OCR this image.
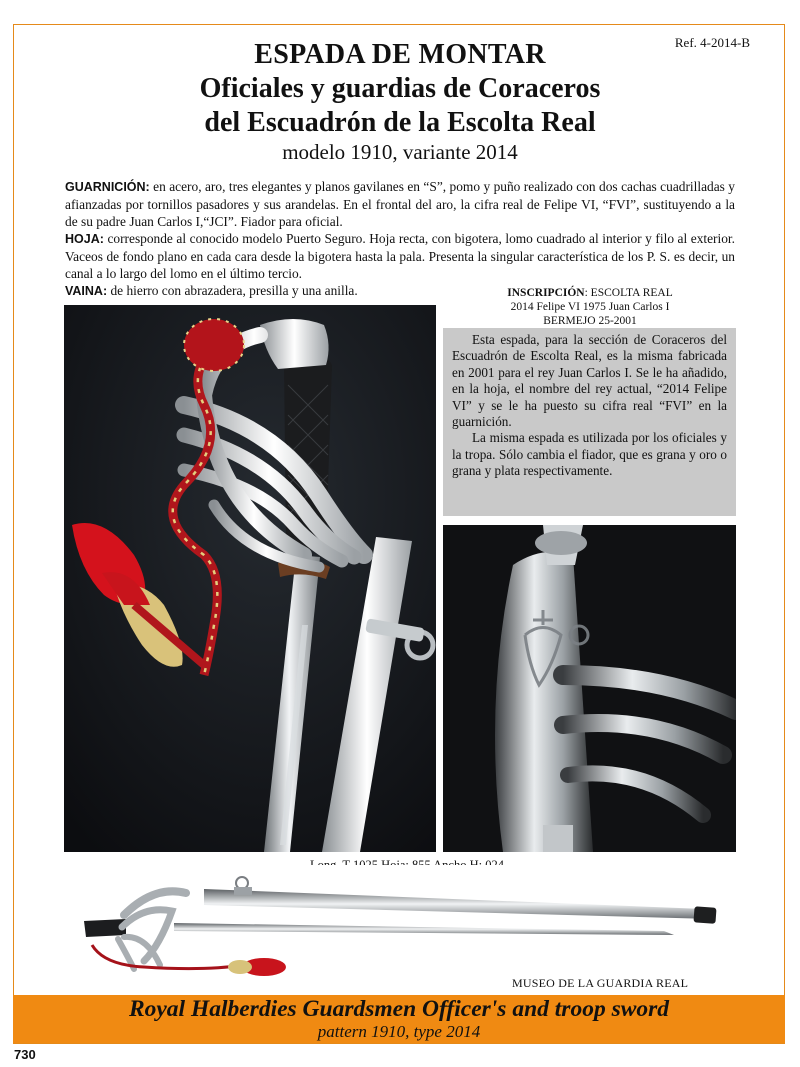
Ref. 4-2014-B
ESPADA DE MONTAR
Oficiales y guardias de Coraceros
del Escuadrón de la Escolta Real
modelo 1910, variante 2014

GUARNICIÓN: en acero, aro, tres elegantes y planos gavilanes en “S”, pomo y puño realizado con dos cachas cuadrilladas y afianzadas por tornillos pasadores y sus arandelas. En el frontal del aro, la cifra real de Felipe VI, “FVI”, sustituyendo a la de su padre Juan Carlos I,“JCI”. Fiador para oficial.

HOJA: corresponde al conocido modelo Puerto Seguro. Hoja recta, con bigotera, lomo cuadrado al interior y filo al exterior. Vaceos de fondo plano en cada cara desde la bigotera hasta la pala. Presenta la singular característica de los P. S. es decir, un canal a lo largo del lomo en el último tercio.

VAINA: de hierro con abrazadera, presilla y una anilla.	INSCRIPCIÓN: ESCOLTA REAL
2014 Felipe VI 1975 Juan Carlos I
BERMEJO 25-2001

Esta espada, para la sección de Coraceros del Escuadrón de Escolta Real, es la misma fabricada en 2001 para el rey Juan Carlos I. Se le ha añadido, en la hoja, el nombre del rey actual, “2014 Felipe VI” y se le ha puesto su cifra real “FVI” en la guarnición.

La misma espada es utilizada por los oficiales y la tropa. Sólo cambia el fiador, que es grana y oro o grana y plata respectivamente.

MUSEO DE LA GUARDIA REAL
Royal Halberdies Guardsmen Officer's and troop sword
pattern 1910, type 2014
730
